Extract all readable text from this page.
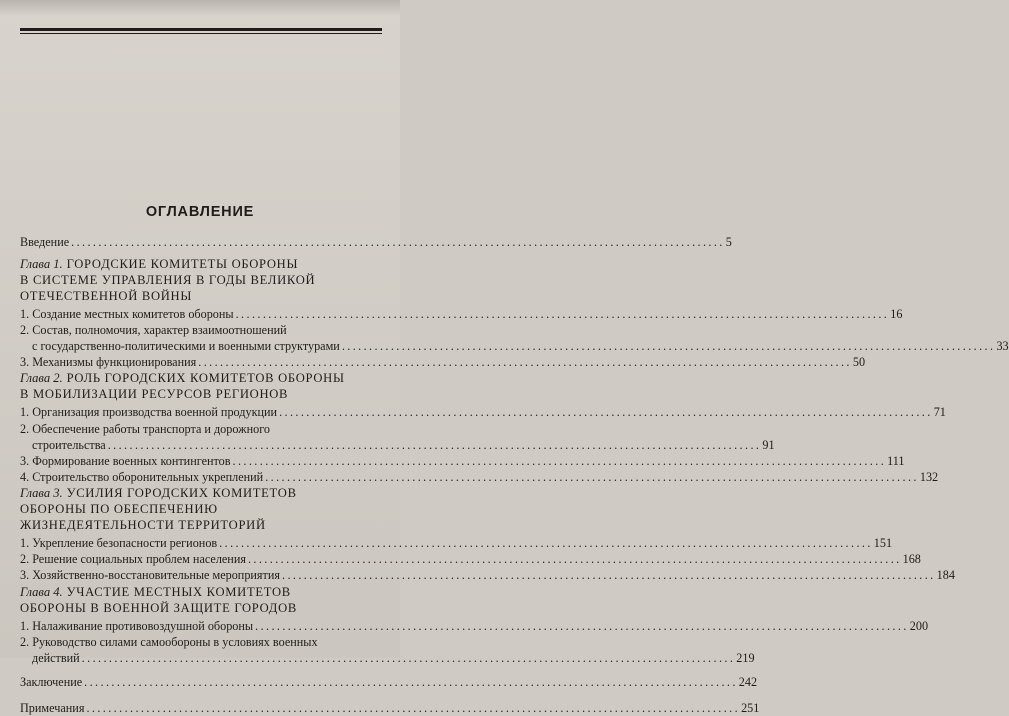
ОГЛАВЛЕНИЕ
Введение ........................................................................................................................ 5
Глава 1. ГОРОДСКИЕ КОМИТЕТЫ ОБОРОНЫ
В СИСТЕМЕ УПРАВЛЕНИЯ В ГОДЫ ВЕЛИКОЙ
ОТЕЧЕСТВЕННОЙ ВОЙНЫ
1. Создание местных комитетов обороны ........................................................................................................................ 16
2. Состав, полномочия, характер взаимоотношений
с государственно-политическими и военными структурами ........................................................................................................................ 33
3. Механизмы функционирования ........................................................................................................................ 50
Глава 2. РОЛЬ ГОРОДСКИХ КОМИТЕТОВ ОБОРОНЫ
В МОБИЛИЗАЦИИ РЕСУРСОВ РЕГИОНОВ
1. Организация производства военной продукции ........................................................................................................................ 71
2. Обеспечение работы транспорта и дорожного
строительства ........................................................................................................................ 91
3. Формирование военных контингентов ........................................................................................................................ 111
4. Строительство оборонительных укреплений ........................................................................................................................ 132
Глава 3. УСИЛИЯ ГОРОДСКИХ КОМИТЕТОВ
ОБОРОНЫ ПО ОБЕСПЕЧЕНИЮ
ЖИЗНЕДЕЯТЕЛЬНОСТИ ТЕРРИТОРИЙ
1. Укрепление безопасности регионов ........................................................................................................................ 151
2. Решение социальных проблем населения ........................................................................................................................ 168
3. Хозяйственно-восстановительные мероприятия ........................................................................................................................ 184
Глава 4. УЧАСТИЕ МЕСТНЫХ КОМИТЕТОВ
ОБОРОНЫ В ВОЕННОЙ ЗАЩИТЕ ГОРОДОВ
1. Налаживание противовоздушной обороны ........................................................................................................................ 200
2. Руководство силами самообороны в условиях военных
действий ........................................................................................................................ 219
Заключение ........................................................................................................................ 242
Примечания ........................................................................................................................ 251
